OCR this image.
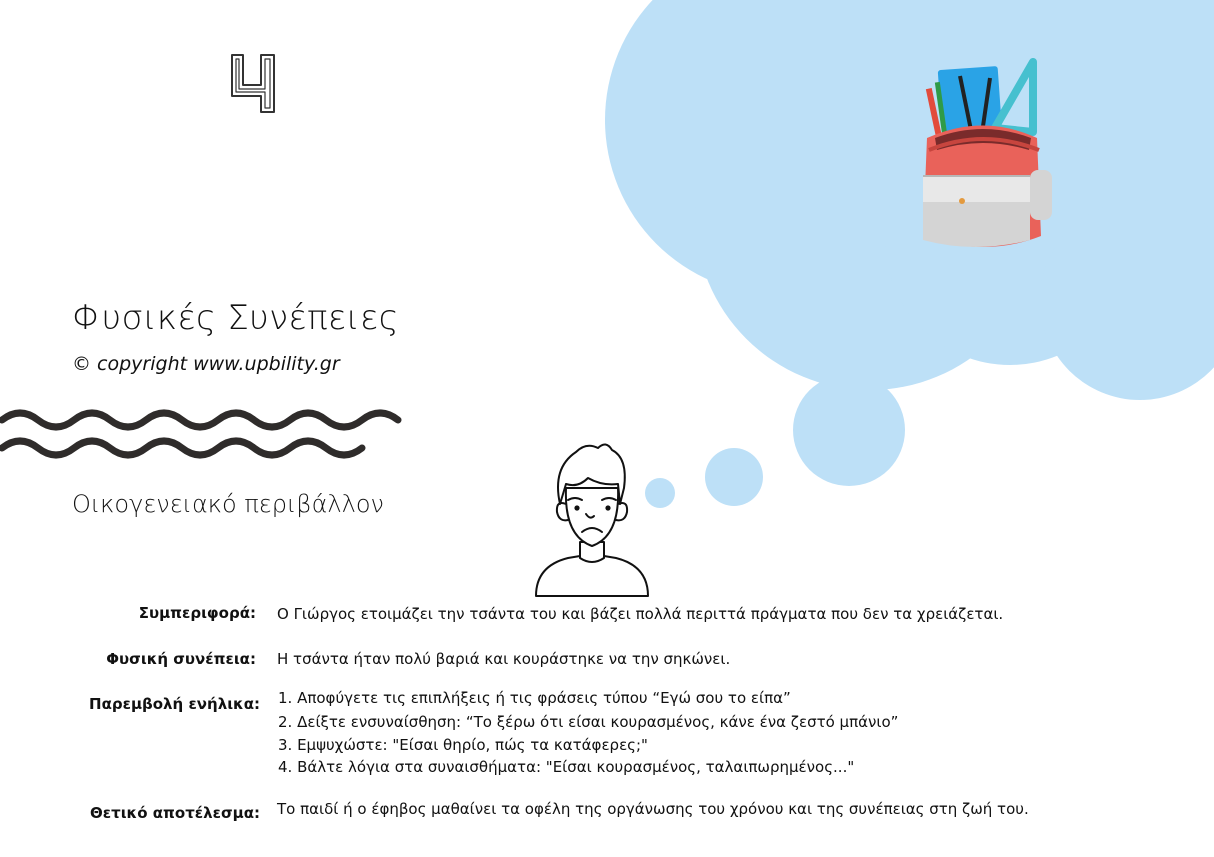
Φυσικές Συνέπειες
© copyright www.upbility.gr
Οικογενειακό περιβάλλον
Συμπεριφορά: Ο Γιώργος ετοιμάζει την τσάντα του και βάζει πολλά περιττά πράγματα που δεν τα χρειάζεται.
Φυσική συνέπεια: Η τσάντα ήταν πολύ βαριά και κουράστηκε να την σηκώνει.
Παρεμβολή ενήλικα: 1. Αποφύγετε τις επιπλήξεις ή τις φράσεις τύπου “Εγώ σου το είπα”
2. Δείξτε ενσυναίσθηση: “Το ξέρω ότι είσαι κουρασμένος, κάνε ένα ζεστό μπάνιο”
3. Εμψυχώστε: "Είσαι θηρίο, πώς τα κατάφερες;"
4. Βάλτε λόγια στα συναισθήματα: "Είσαι κουρασμένος, ταλαιπωρημένος..."
Θετικό αποτέλεσμα: Το παιδί ή ο έφηβος μαθαίνει τα οφέλη της οργάνωσης του χρόνου και της συνέπειας στη ζωή του.
